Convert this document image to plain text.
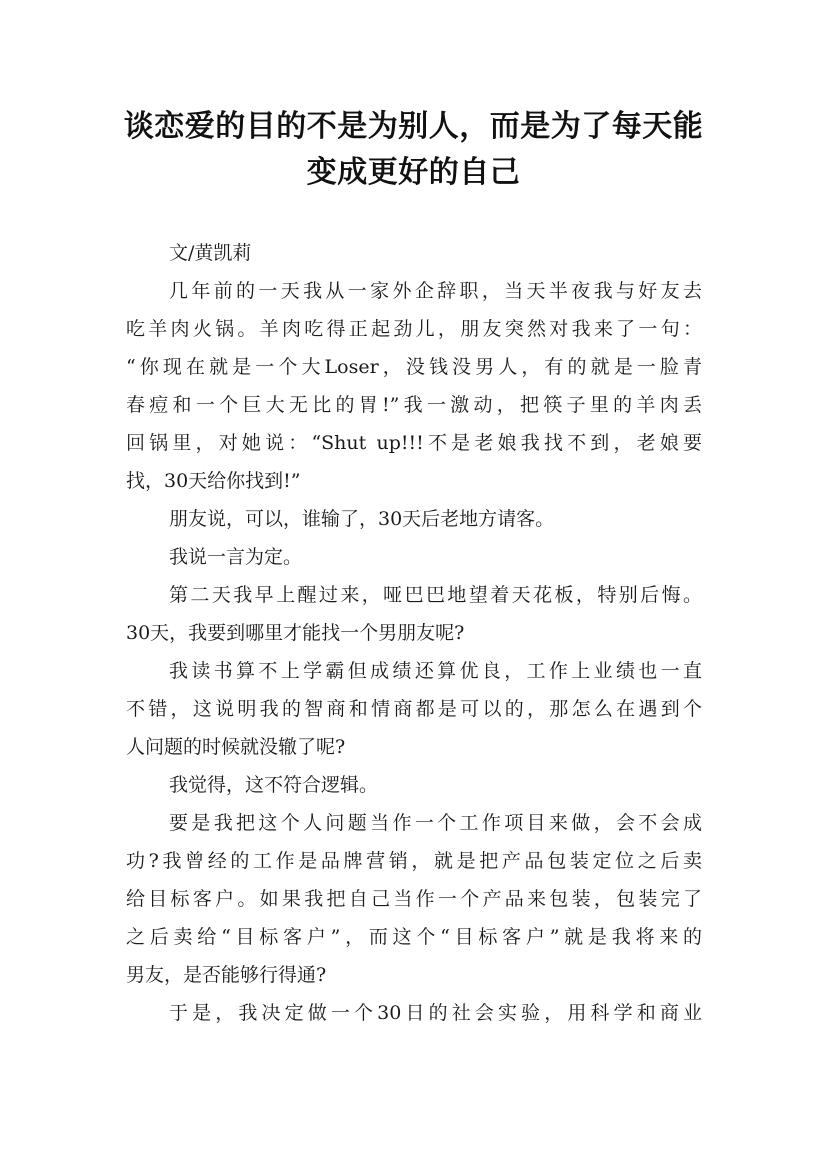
谈恋爱的目的不是为别人，而是为了每天能
变成更好的自己
文/黄凯莉
几年前的一天我从一家外企辞职，当天半夜我与好友去
吃羊肉火锅。羊肉吃得正起劲儿，朋友突然对我来了一句：
“你现在就是一个大Loser，没钱没男人，有的就是一脸青
春痘和一个巨大无比的胃!”我一激动，把筷子里的羊肉丢
回锅里，对她说：“Shut up!!!不是老娘我找不到，老娘要
找，30天给你找到!”
朋友说，可以，谁输了，30天后老地方请客。
我说一言为定。
第二天我早上醒过来，哑巴巴地望着天花板，特别后悔。
30天，我要到哪里才能找一个男朋友呢?
我读书算不上学霸但成绩还算优良，工作上业绩也一直
不错，这说明我的智商和情商都是可以的，那怎么在遇到个
人问题的时候就没辙了呢?
我觉得，这不符合逻辑。
要是我把这个人问题当作一个工作项目来做，会不会成
功?我曾经的工作是品牌营销，就是把产品包装定位之后卖
给目标客户。如果我把自己当作一个产品来包装，包装完了
之后卖给“目标客户”，而这个“目标客户”就是我将来的
男友，是否能够行得通?
于是，我决定做一个30日的社会实验，用科学和商业
